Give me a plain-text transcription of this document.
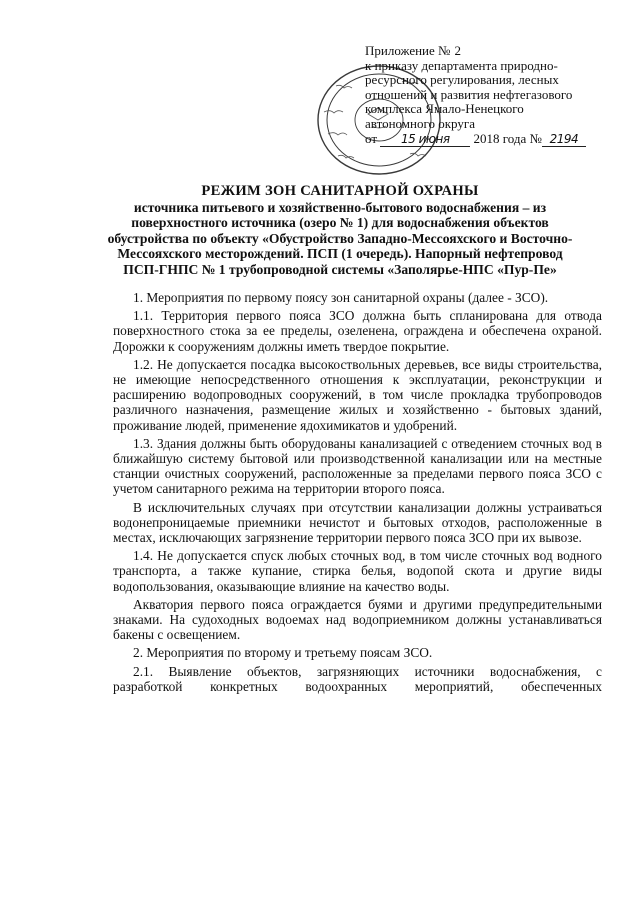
Приложение № 2
к приказу департамента природно-
ресурсного регулирования, лесных
отношений и развития нефтегазового
комплекса Ямало-Ненецкого
автономного округа
от 15 июня 2018 года № 2194
РЕЖИМ ЗОН САНИТАРНОЙ ОХРАНЫ
источника питьевого и хозяйственно-бытового водоснабжения – из
поверхностного источника (озеро № 1) для водоснабжения объектов
обустройства по объекту «Обустройство Западно-Мессояхского и Восточно-
Мессояхского месторождений. ПСП (1 очередь). Напорный нефтепровод
ПСП-ГНПС № 1 трубопроводной системы «Заполярье-НПС «Пур-Пе»

1. Мероприятия по первому поясу зон санитарной охраны (далее - ЗСО).

1.1. Территория первого пояса ЗСО должна быть спланирована для отвода поверхностного стока за ее пределы, озеленена, ограждена и обеспечена охраной. Дорожки к сооружениям должны иметь твердое покрытие.

1.2. Не допускается посадка высокоствольных деревьев, все виды строительства, не имеющие непосредственного отношения к эксплуатации, реконструкции и расширению водопроводных сооружений, в том числе прокладка трубопроводов различного назначения, размещение жилых и хозяйственно - бытовых зданий, проживание людей, применение ядохимикатов и удобрений.

1.3. Здания должны быть оборудованы канализацией с отведением сточных вод в ближайшую систему бытовой или производственной канализации или на местные станции очистных сооружений, расположенные за пределами первого пояса ЗСО с учетом санитарного режима на территории второго пояса.

В исключительных случаях при отсутствии канализации должны устраиваться водонепроницаемые приемники нечистот и бытовых отходов, расположенные в местах, исключающих загрязнение территории первого пояса ЗСО при их вывозе.

1.4. Не допускается спуск любых сточных вод, в том числе сточных вод водного транспорта, а также купание, стирка белья, водопой скота и другие виды водопользования, оказывающие влияние на качество воды.

Акватория первого пояса ограждается буями и другими предупредительными знаками. На судоходных водоемах над водоприемником должны устанавливаться бакены с освещением.

2. Мероприятия по второму и третьему поясам ЗСО.

2.1. Выявление объектов, загрязняющих источники водоснабжения, с разработкой конкретных водоохранных мероприятий, обеспеченных
